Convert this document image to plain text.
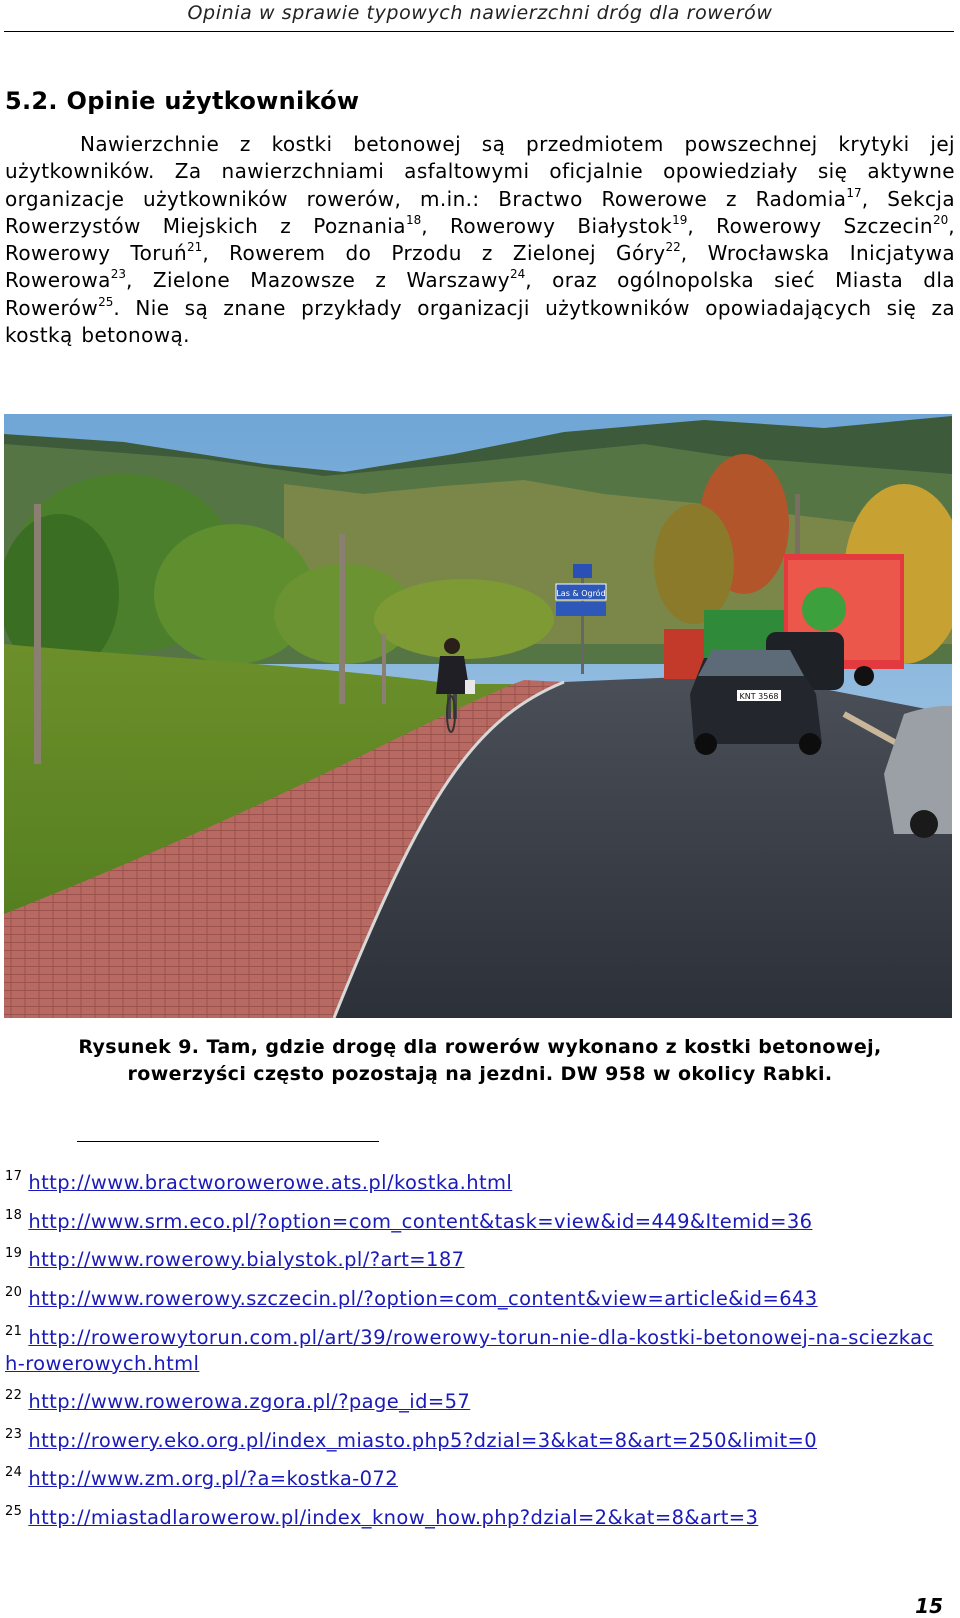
Opinia w sprawie typowych nawierzchni dróg dla rowerów
5.2. Opinie użytkowników
Nawierzchnie z kostki betonowej są przedmiotem powszechnej krytyki jej użytkowników. Za nawierzchniami asfaltowymi oficjalnie opowiedziały się aktywne organizacje użytkowników rowerów, m.in.: Bractwo Rowerowe z Radomia$^{17}$, Sekcja Rowerzystów Miejskich z Poznania$^{18}$, Rowerowy Białystok$^{19}$, Rowerowy Szczecin$^{20}$, Rowerowy Toruń$^{21}$, Rowerem do Przodu z Zielonej Góry$^{22}$, Wrocławska Inicjatywa Rowerowa$^{23}$, Zielone Mazowsze z Warszawy$^{24}$, oraz ogólnopolska sieć Miasta dla Rowerów$^{25}$. Nie są znane przykłady organizacji użytkowników opowiadających się za kostką betonową.
Las & Ogród
KNT 3568
Rysunek 9. Tam, gdzie drogę dla rowerów wykonano z kostki betonowej,
rowerzyści często pozostają na jezdni. DW 958 w okolicy Rabki.
$^{17}$ http://www.bractworowerowe.ats.pl/kostka.html
$^{18}$ http://www.srm.eco.pl/?option=com_content&task=view&id=449&Itemid=36
$^{19}$ http://www.rowerowy.bialystok.pl/?art=187
$^{20}$ http://www.rowerowy.szczecin.pl/?option=com_content&view=article&id=643
$^{21}$ http://rowerowytorun.com.pl/art/39/rowerowy-torun-nie-dla-kostki-betonowej-na-sciezkach-rowerowych.html
$^{22}$ http://www.rowerowa.zgora.pl/?page_id=57
$^{23}$ http://rowery.eko.org.pl/index_miasto.php5?dzial=3&kat=8&art=250&limit=0
$^{24}$ http://www.zm.org.pl/?a=kostka-072
$^{25}$ http://miastadlarowerow.pl/index_know_how.php?dzial=2&kat=8&art=3
15
